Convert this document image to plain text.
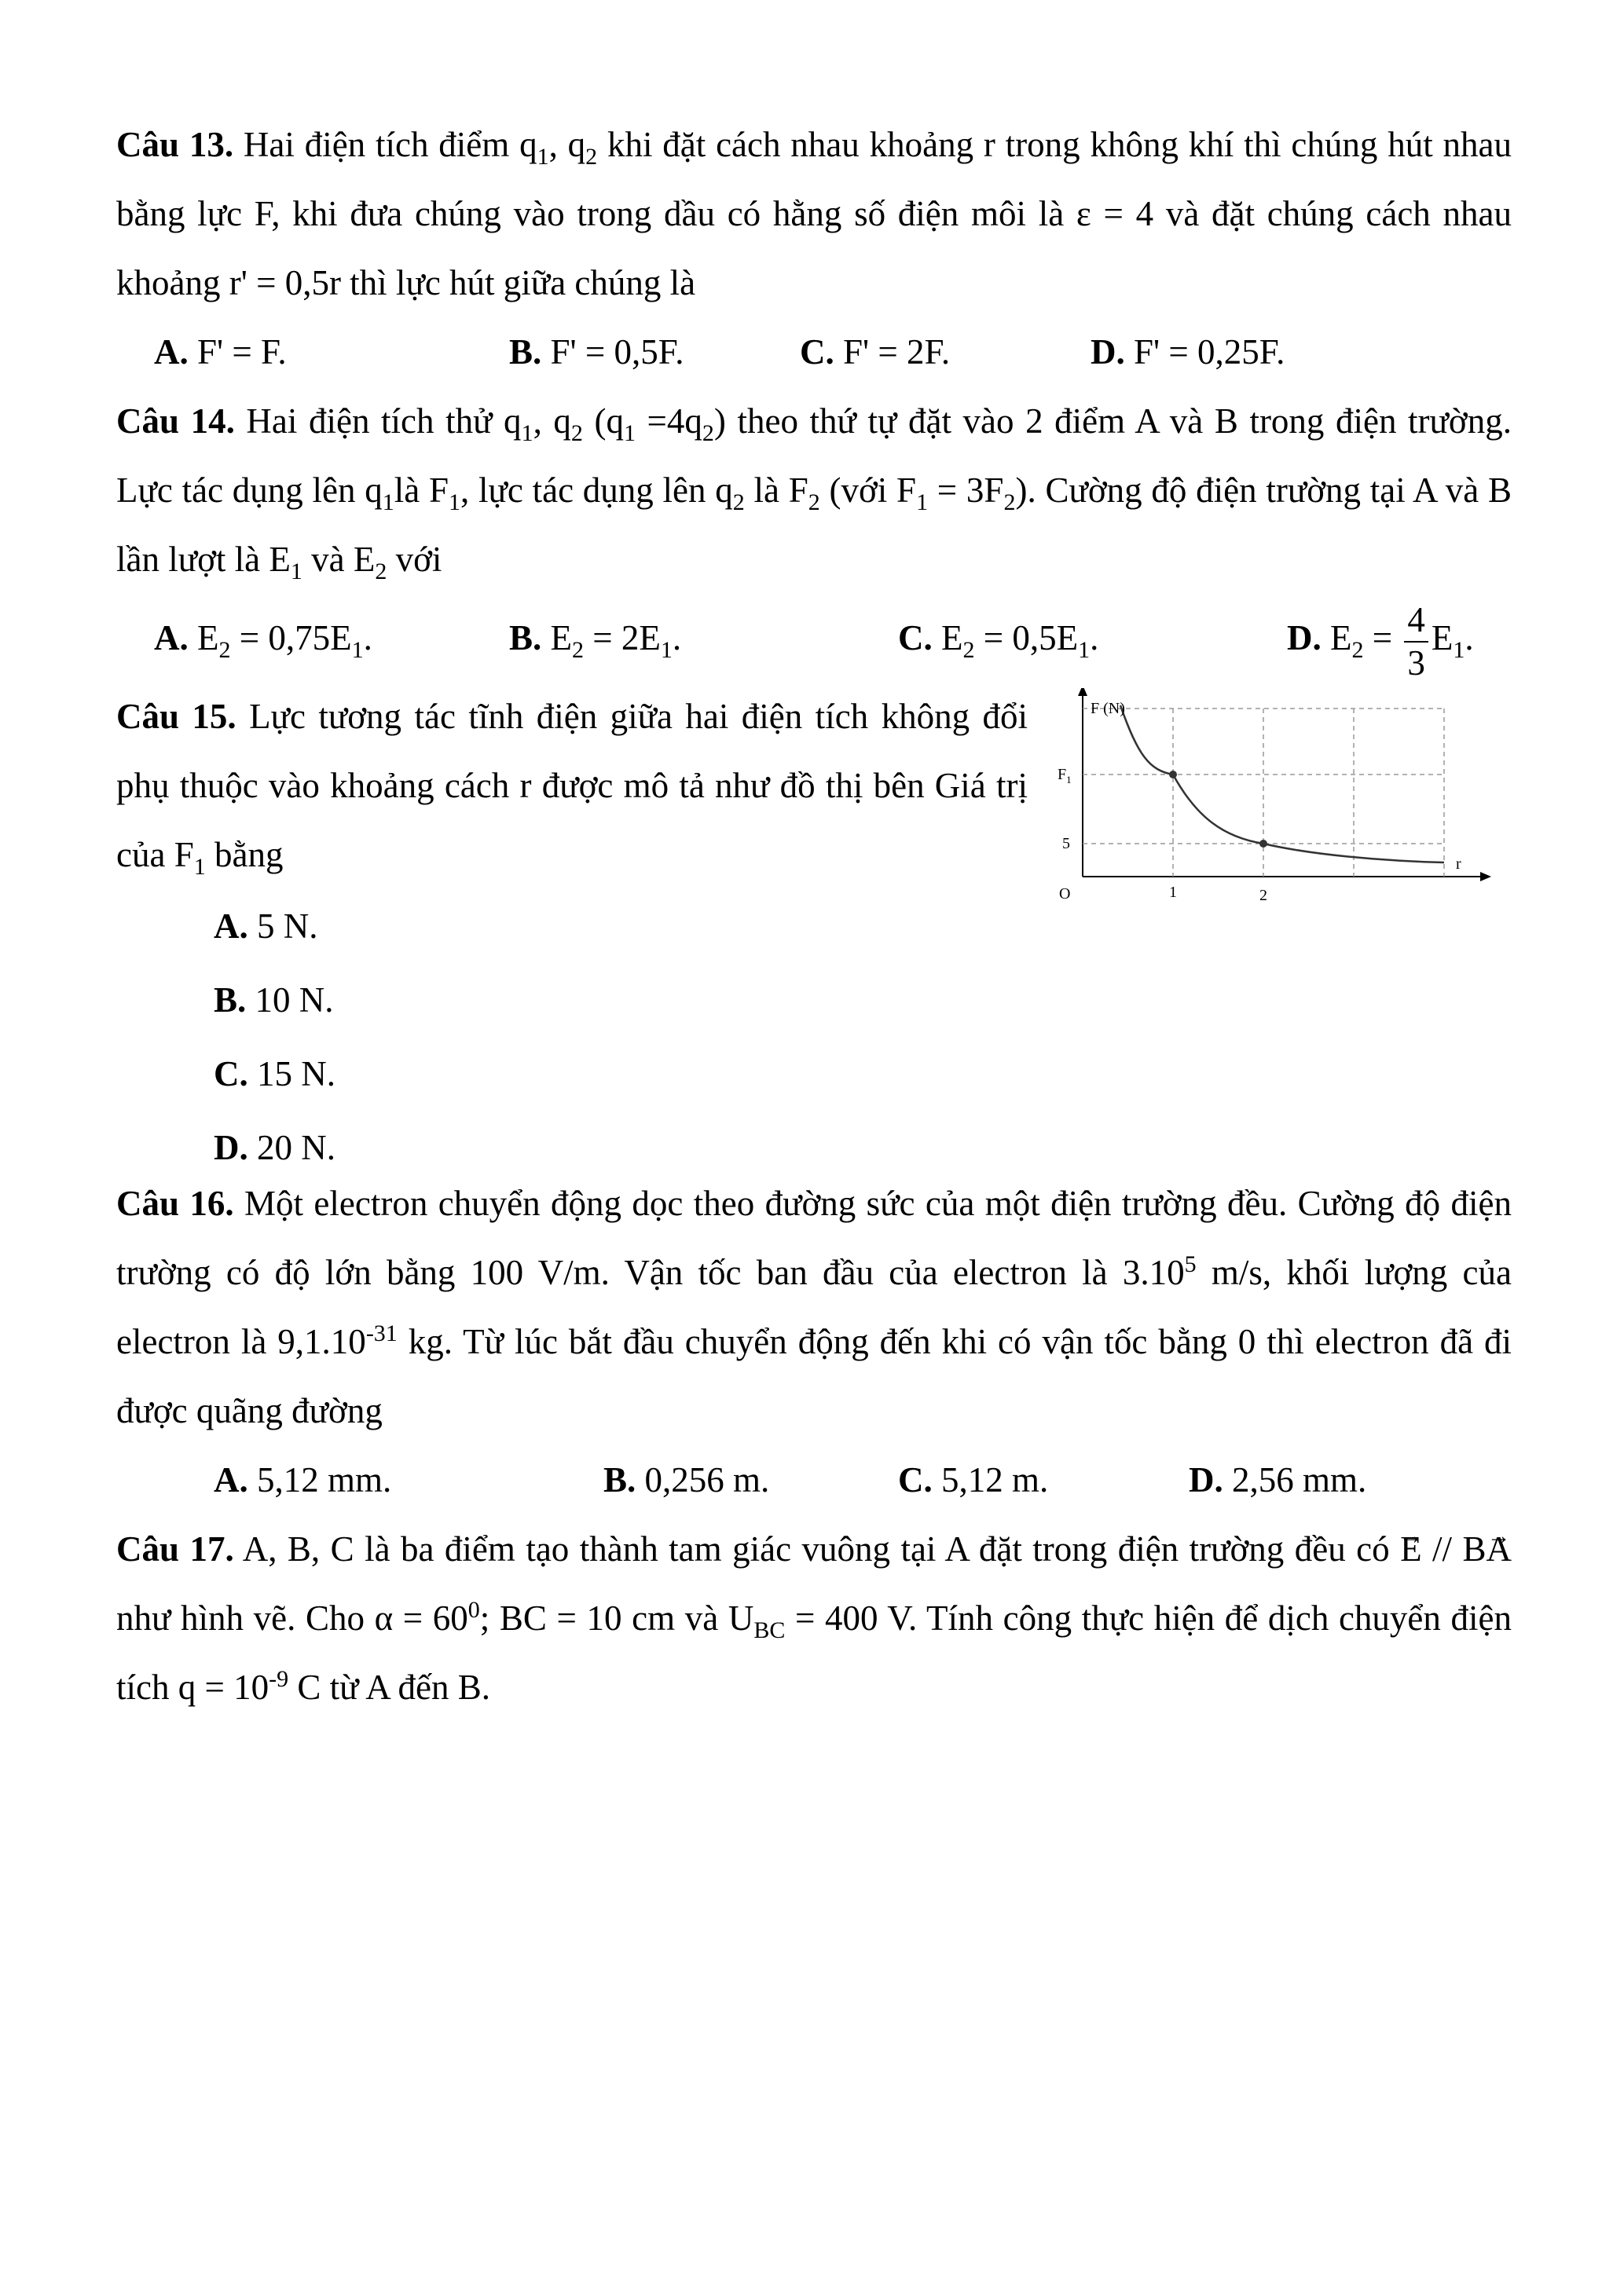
Câu 13. Hai điện tích điểm $q_1$, $q_2$ khi đặt cách nhau khoảng r trong không khí thì chúng hút nhau bằng lực F, khi đưa chúng vào trong dầu có hằng số điện môi là ε = 4 và đặt chúng cách nhau khoảng r' = 0,5r thì lực hút giữa chúng là

A. F' = F.	B. F' = 0,5F.	C. F' = 2F.	D. F' = 0,25F.

Câu 14. Hai điện tích thử $q_1$, $q_2$ $(q_1 =4q_2)$ theo thứ tự đặt vào 2 điểm A và B trong điện trường. Lực tác dụng lên $q_1là$ $F_1$, lực tác dụng lên $q_2$ là $F_2$ (với $F_1 = 3F_2$). Cường độ điện trường tại A và B lần lượt là $E_1$ và $E_2$ với

A. $E_2 = 0,75E_1$.	B. $E_2 = 2E_1$.	C. $E_2 = 0,5E_1$.	D. $E_2 = \frac{4}{3} E_1$.

Câu 15. Lực tương tác tĩnh điện giữa hai điện tích không đổi phụ thuộc vào khoảng cách r được mô tả như đồ thị bên Giá trị của $F_1$ bằng

A. 5 N.
B. 10 N.
C. 15 N.
D. 20 N.
F (N)
$F_1$
5
O	1	2
r

Câu 16. Một electron chuyển động dọc theo đường sức của một điện trường đều. Cường độ điện trường có độ lớn bằng 100 V/m. Vận tốc ban đầu của electron là 3.10$^5$ m/s, khối lượng của electron là $9,1.10^{-31}$ kg. Từ lúc bắt đầu chuyển động đến khi có vận tốc bằng 0 thì electron đã đi được quãng đường

A. 5,12 mm.	B. 0,256 m.	C. 5,12 m.	D. 2,56 mm.

Câu 17. A, B, C là ba điểm tạo thành tam giác vuông tại A đặt trong điện trường đều có → E // B→ A như hình vẽ. Cho $\alpha = 60^0$; BC = 10 cm và $U_{BC} = 400$ V. Tính công thực hiện để dịch chuyển điện tích $q = 10^{-9}$ C từ A đến B.
